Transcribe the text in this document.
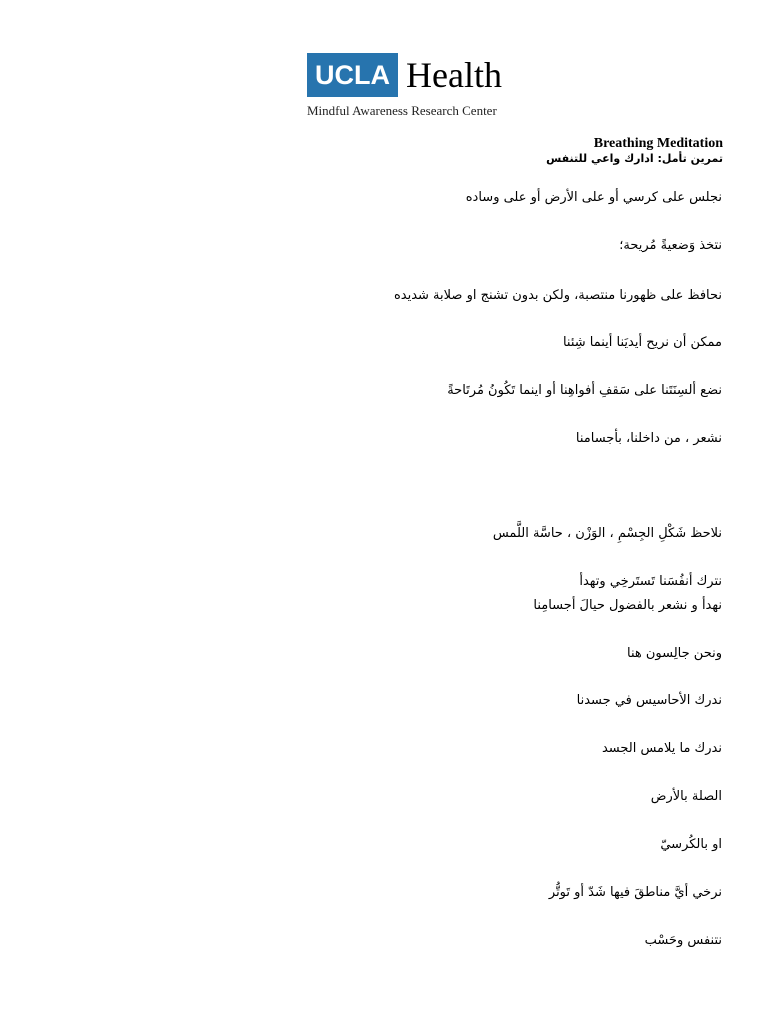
UCLA Health
Mindful Awareness Research Center
Breathing Meditation
تمرين تأمل: ادارك واعي للتنفس
نجلس على كرسي أو على الأرض أو على وساده
نتخذ وَضعيةً مُريحة؛
نحافظ على ظهورنا منتصبة، ولكن بدون تشنج او صلابة شديده
ممكن أن نريح أيديَنا أينما شِئنا
نضع ألسِنَتَنا على سَقفِ أفواهِنا أو اينما تَكُونُ مُرتَاحةً
نشعر ، من داخلنا، بأجسامنا
نلاحظ شَكْلِ الجِسْمِ ، الوَزْن ، حاسَّة اللَّمس
نترك أنفُسَنا تَستَرخِي وتهدأ
نهدأ و نشعر بالفضول حيالَ أجسامِنا
ونحن جالِسون هنا
ندرك الأحاسيس في جسدنا
ندرك ما يلامس الجسد
الصلة بالأرض
او بالكُرسيّ
نرخي أيَّ مناطقَ فيها شَدّ أو تَوتُّر
نتنفس وحَسْب
